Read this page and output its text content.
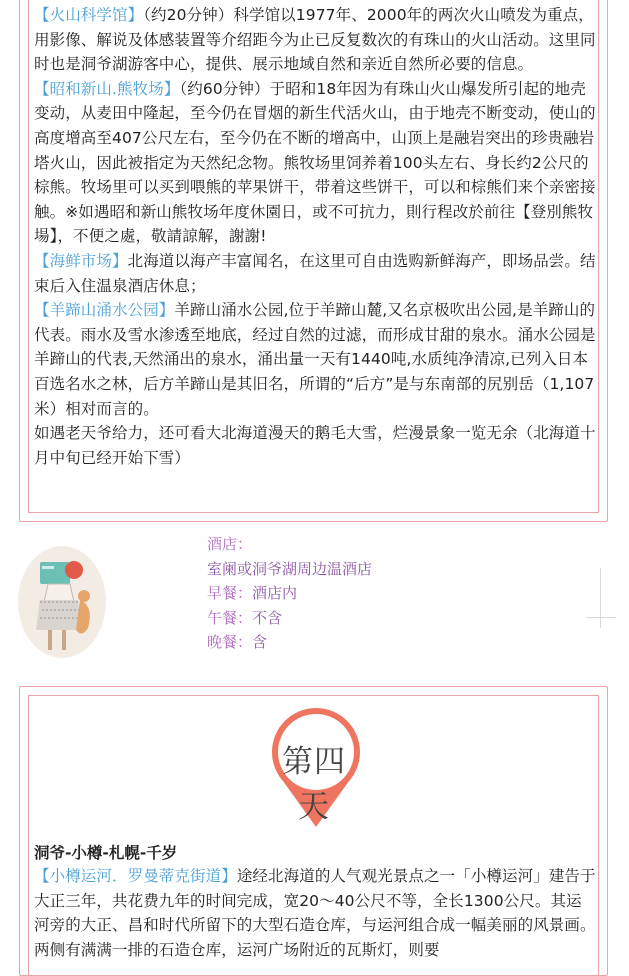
【火山科学馆】（约20分钟）科学馆以1977年、2000年的两次火山喷发为重点，用影像、解说及体感装置等介绍距今为止已反复数次的有珠山的火山活动。这里同时也是洞爷湖游客中心，提供、展示地域自然和亲近自然所必要的信息。

【昭和新山.熊牧场】（约60分钟）于昭和18年因为有珠山火山爆发所引起的地壳变动，从麦田中隆起，至今仍在冒烟的新生代活火山，由于地壳不断变动，使山的高度增高至407公尺左右，至今仍在不断的增高中，山顶上是融岩突出的珍贵融岩塔火山，因此被指定为天然纪念物。熊牧场里饲养着100头左右、身长约2公尺的棕熊。牧场里可以买到喂熊的苹果饼干，带着这些饼干，可以和棕熊们来个亲密接触。※如遇昭和新山熊牧场年度休園日，或不可抗力，則行程改於前往【登別熊牧場】，不便之處，敬請諒解，謝謝!

【海鲜市场】北海道以海产丰富闻名，在这里可自由选购新鲜海产，即场品尝。结束后入住温泉酒店休息；

【羊蹄山涌水公园】羊蹄山涌水公园,位于羊蹄山麓,又名京极吹出公园,是羊蹄山的代表。雨水及雪水渗透至地底，经过自然的过滤，而形成甘甜的泉水。涌水公园是羊蹄山的代表,天然涌出的泉水，涌出量一天有1440吨,水质纯净清凉,已列入日本百选名水之林，后方羊蹄山是其旧名，所谓的“后方”是与东南部的尻别岳（1,107米）相对而言的。

如遇老天爷给力，还可看大北海道漫天的鹅毛大雪，烂漫景象一览无余（北海道十月中旬已经开始下雪）

酒店：
室阑或洞爷湖周边温酒店
早餐：酒店内
午餐：不含
晚餐：含
第四天
洞爷-小樽-札幌-千岁

【小樽运河．罗曼蒂克街道】途经北海道的人气观光景点之一「小樽运河」建告于大正三年，共花费九年的时间完成，宽20～40公尺不等，全长1300公尺。其运河旁的大正、昌和时代所留下的大型石造仓库，与运河组合成一幅美丽的风景画。两侧有满满一排的石造仓库，运河广场附近的瓦斯灯，则要
